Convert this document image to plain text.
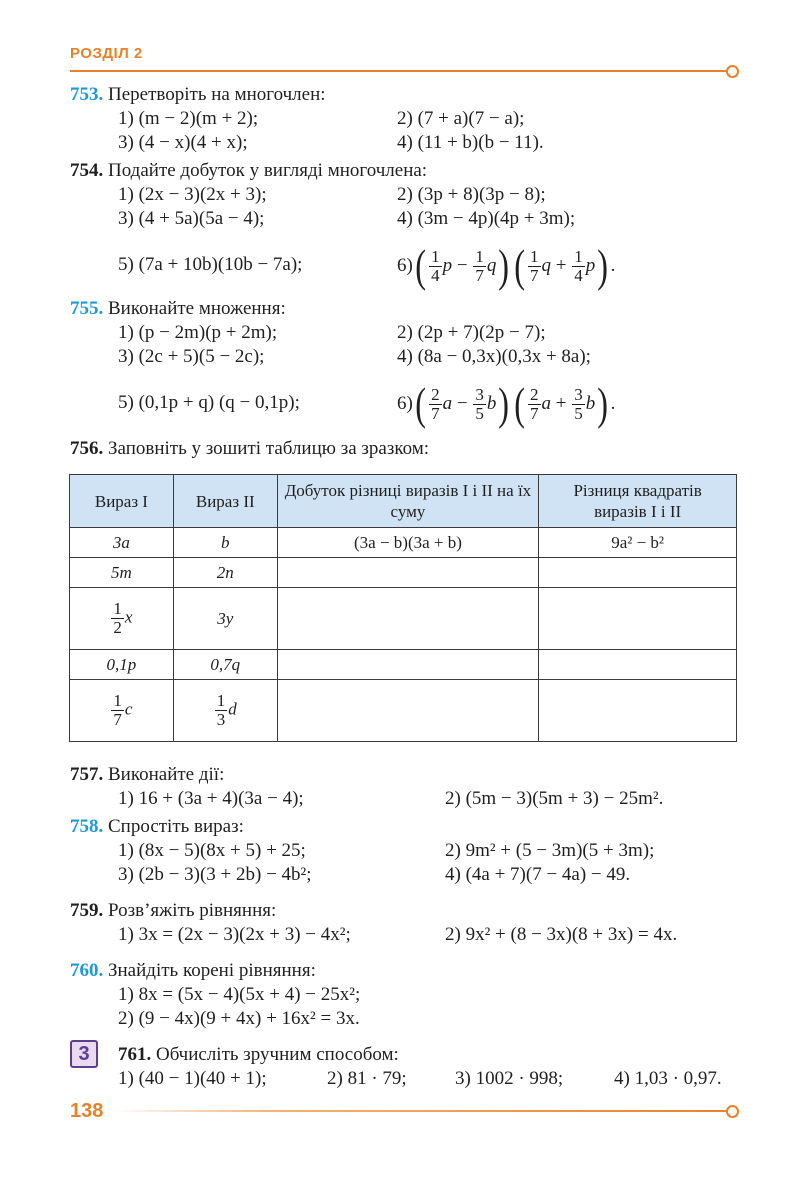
РОЗДІЛ 2
753. Перетворіть на многочлен:
1) (m − 2)(m + 2);	2) (7 + a)(7 − a);
3) (4 − x)(4 + x);	4) (11 + b)(b − 11).
754. Подайте добуток у вигляді многочлена:
1) (2x − 3)(2x + 3);	2) (3p + 8)(3p − 8);
3) (4 + 5a)(5a − 4);	4) (3m − 4p)(4p + 3m);
5) (7a + 10b)(10b − 7a);	6) ( $\frac{1}{4}$ p
−
$\frac{1}{7}$ q ) ( $\frac{1}{7}$ q
+
$\frac{1}{4}$ p ) .
755. Виконайте множення:
1) (p − 2m)(p + 2m);	2) (2p + 7)(2p − 7);
3) (2c + 5)(5 − 2c);	4) (8a − 0,3x)(0,3x + 8a);
5) (0,1p + q) (q − 0,1p);	6) ( $\frac{2}{7}$ a
−
$\frac{3}{5}$ b ) ( $\frac{2}{7}$ a
+
$\frac{3}{5}$ b ) .
756. Заповніть у зошиті таблицю за зразком:
Вираз I	Вираз II	Добуток різниці виразів I і II на їх суму	Різниця квадратів виразів I і II
3a	b	(3a − b)(3a + b)	9a² − b²
5m	2n		

$\frac{1}{2}$ x	3y		
0,1p	0,7q		

$\frac{1}{7}$ c	$\frac{1}{3}$ d		
757. Виконайте дії:
1) 16 + (3a + 4)(3a − 4);	2) (5m − 3)(5m + 3) − 25m².
758. Спростіть вираз:
1) (8x − 5)(8x + 5) + 25;	2) 9m² + (5 − 3m)(5 + 3m);
3) (2b − 3)(3 + 2b) − 4b²;	4) (4a + 7)(7 − 4a) − 49.
759. Розв’яжіть рівняння:
1) 3x = (2x − 3)(2x + 3) − 4x²;	2) 9x² + (8 − 3x)(8 + 3x) = 4x.
760. Знайдіть корені рівняння:
1) 8x = (5x − 4)(5x + 4) − 25x²;
2) (9 − 4x)(9 + 4x) + 16x² = 3x.
3	761. Обчисліть зручним способом:
1) (40 − 1)(40 + 1);	2) 81 · 79;	3) 1002 · 998;	4) 1,03 · 0,97.
138
